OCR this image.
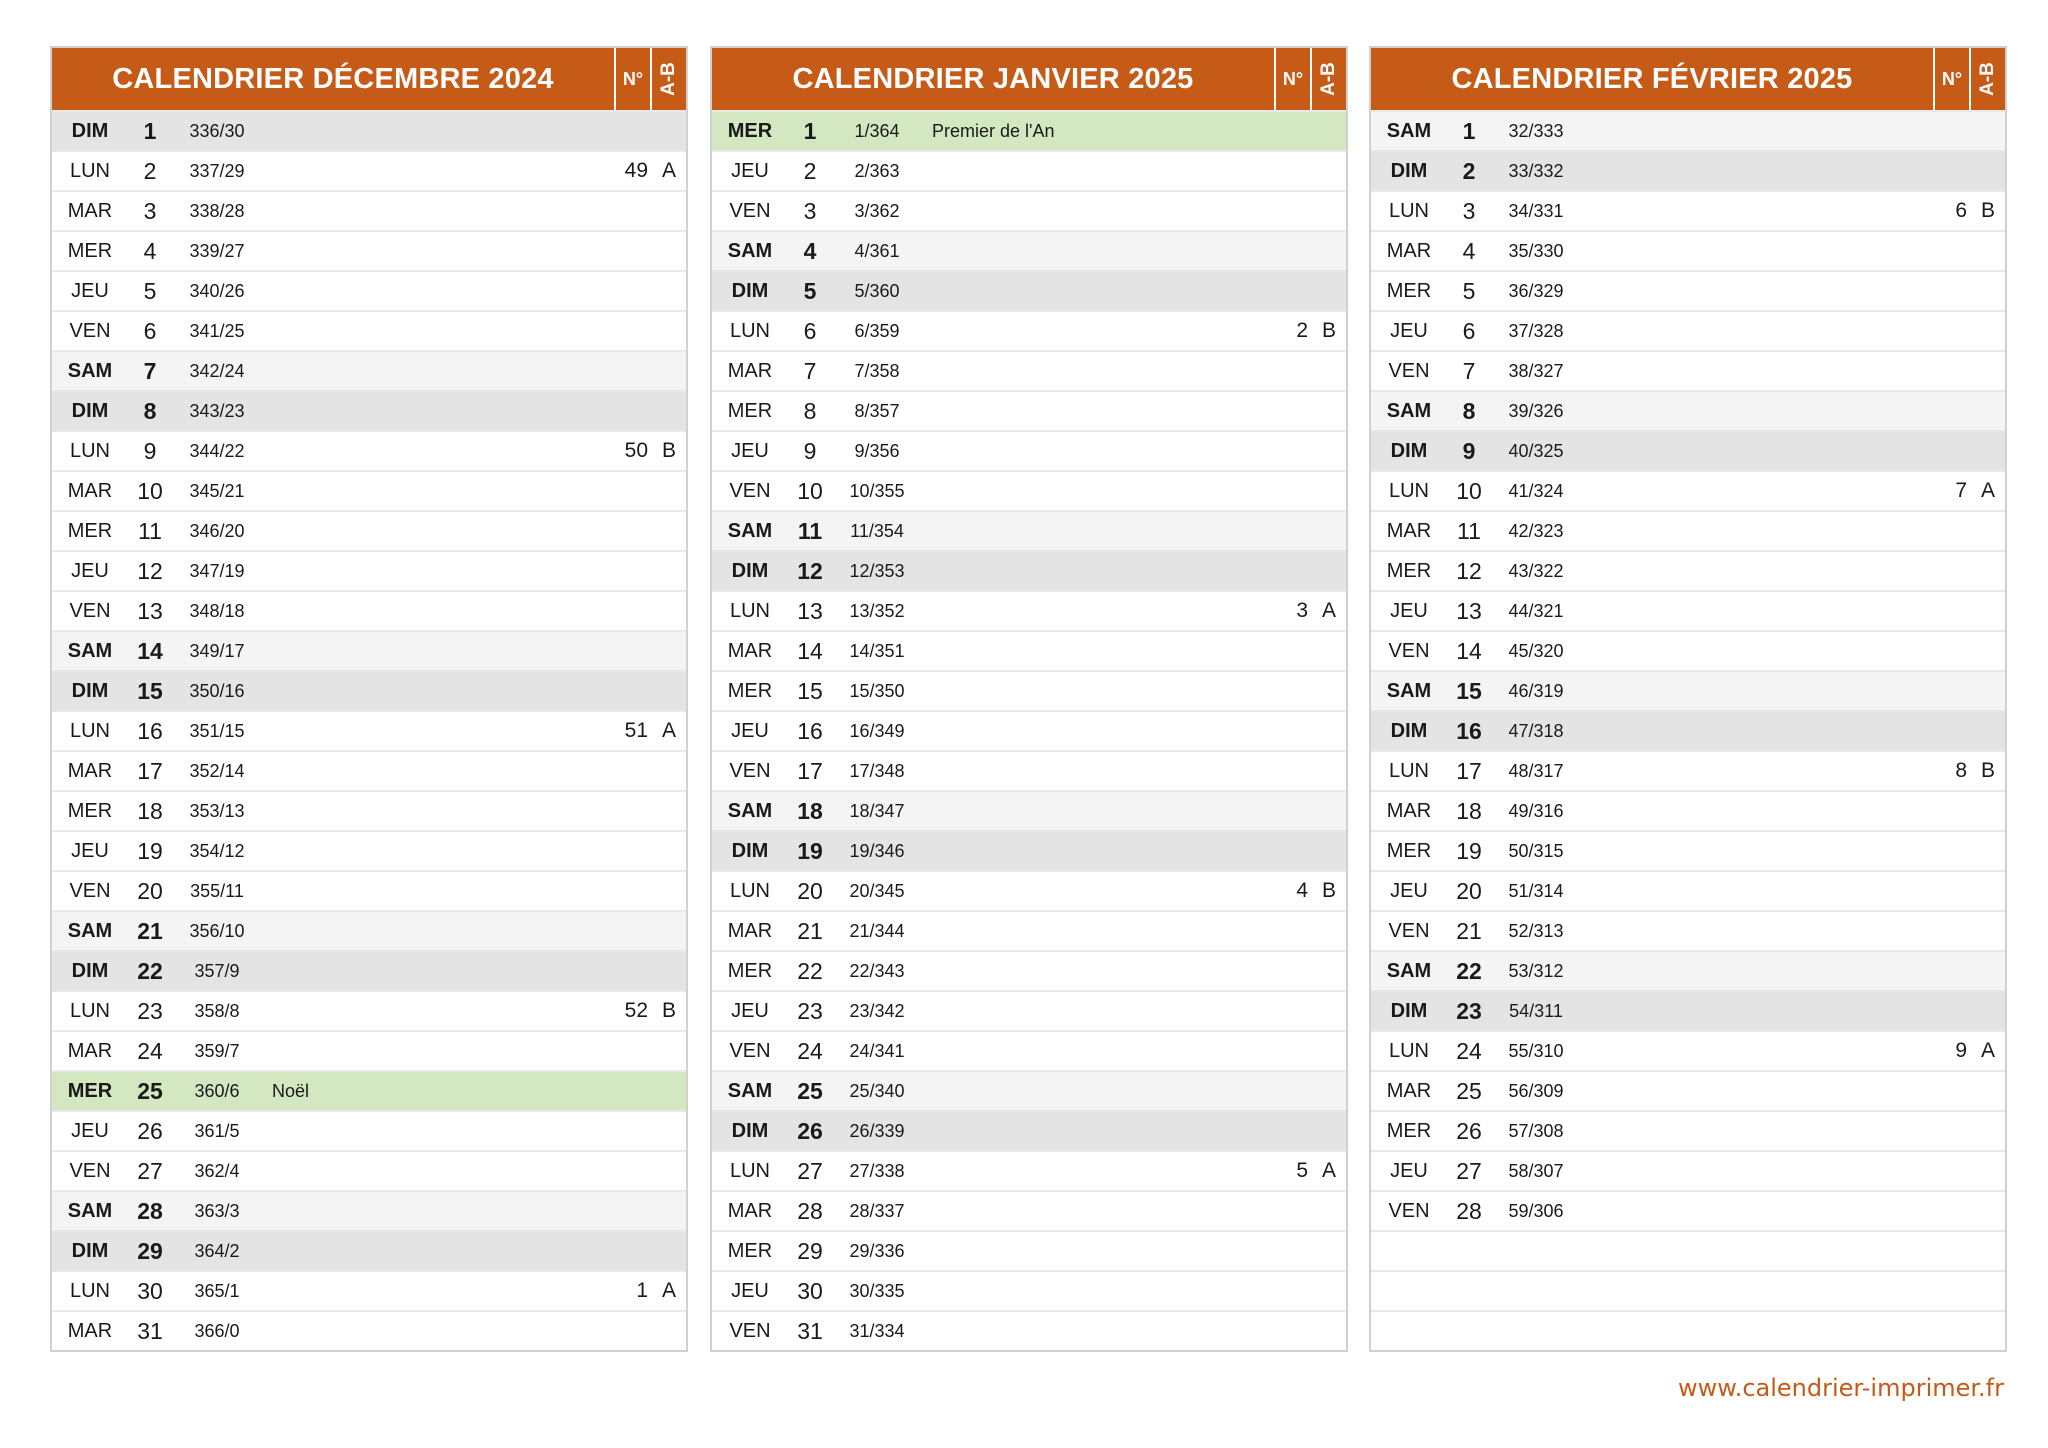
CALENDRIER DÉCEMBRE 2024	N° A-B
DIM	1	336/30
LUN	2	337/29	49 A
MAR	3	338/28
MER	4	339/27
JEU	5	340/26
VEN	6	341/25
SAM	7	342/24
DIM	8	343/23
LUN	9	344/22	50 B
MAR	10	345/21
MER	11	346/20
JEU	12	347/19
VEN	13	348/18
SAM	14	349/17
DIM	15	350/16
LUN	16	351/15	51 A
MAR	17	352/14
MER	18	353/13
JEU	19	354/12
VEN	20	355/11
SAM	21	356/10
DIM	22	357/9
LUN	23	358/8	52 B
MAR	24	359/7
MER	25	360/6	Noël
JEU	26	361/5
VEN	27	362/4
SAM	28	363/3
DIM	29	364/2
LUN	30	365/1	1 A
MAR	31	366/0
CALENDRIER JANVIER 2025	N° A-B
MER	1	1/364	Premier de l'An
JEU	2	2/363
VEN	3	3/362
SAM	4	4/361
DIM	5	5/360
LUN	6	6/359	2 B
MAR	7	7/358
MER	8	8/357
JEU	9	9/356
VEN	10	10/355
SAM	11	11/354
DIM	12	12/353
LUN	13	13/352	3 A
MAR	14	14/351
MER	15	15/350
JEU	16	16/349
VEN	17	17/348
SAM	18	18/347
DIM	19	19/346
LUN	20	20/345	4 B
MAR	21	21/344
MER	22	22/343
JEU	23	23/342
VEN	24	24/341
SAM	25	25/340
DIM	26	26/339
LUN	27	27/338	5 A
MAR	28	28/337
MER	29	29/336
JEU	30	30/335
VEN	31	31/334
CALENDRIER FÉVRIER 2025	N° A-B
SAM	1	32/333
DIM	2	33/332
LUN	3	34/331	6 B
MAR	4	35/330
MER	5	36/329
JEU	6	37/328
VEN	7	38/327
SAM	8	39/326
DIM	9	40/325
LUN	10	41/324	7 A
MAR	11	42/323
MER	12	43/322
JEU	13	44/321
VEN	14	45/320
SAM	15	46/319
DIM	16	47/318
LUN	17	48/317	8 B
MAR	18	49/316
MER	19	50/315
JEU	20	51/314
VEN	21	52/313
SAM	22	53/312
DIM	23	54/311
LUN	24	55/310	9 A
MAR	25	56/309
MER	26	57/308
JEU	27	58/307
VEN	28	59/306
www.calendrier-imprimer.fr
